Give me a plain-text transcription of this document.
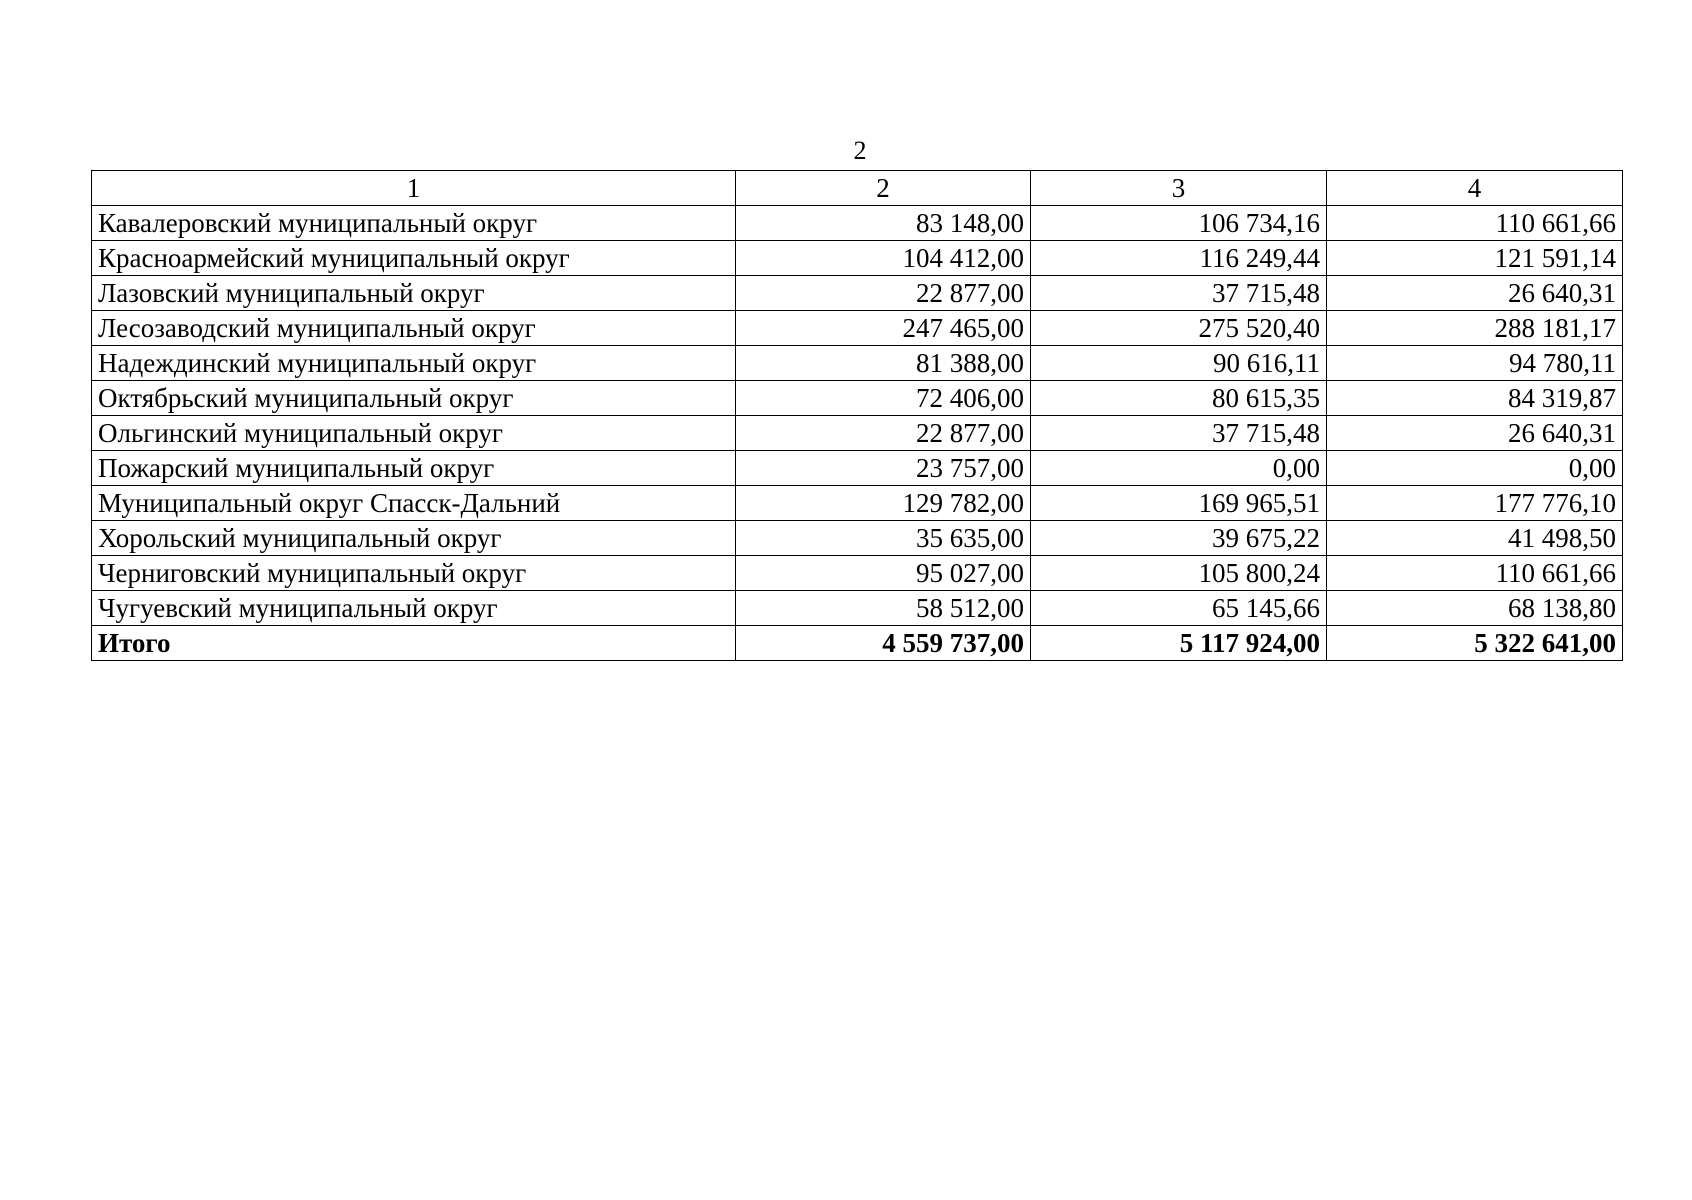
2
1	2	3	4
Кавалеровский муниципальный округ	83 148,00	106 734,16	110 661,66
Красноармейский муниципальный округ	104 412,00	116 249,44	121 591,14
Лазовский муниципальный округ	22 877,00	37 715,48	26 640,31
Лесозаводский муниципальный округ	247 465,00	275 520,40	288 181,17
Надеждинский муниципальный округ	81 388,00	90 616,11	94 780,11
Октябрьский муниципальный округ	72 406,00	80 615,35	84 319,87
Ольгинский муниципальный округ	22 877,00	37 715,48	26 640,31
Пожарский муниципальный округ	23 757,00	0,00	0,00
Муниципальный округ Спасск-Дальний	129 782,00	169 965,51	177 776,10
Хорольский муниципальный округ	35 635,00	39 675,22	41 498,50
Черниговский муниципальный округ	95 027,00	105 800,24	110 661,66
Чугуевский муниципальный округ	58 512,00	65 145,66	68 138,80
Итого	4 559 737,00	5 117 924,00	5 322 641,00
